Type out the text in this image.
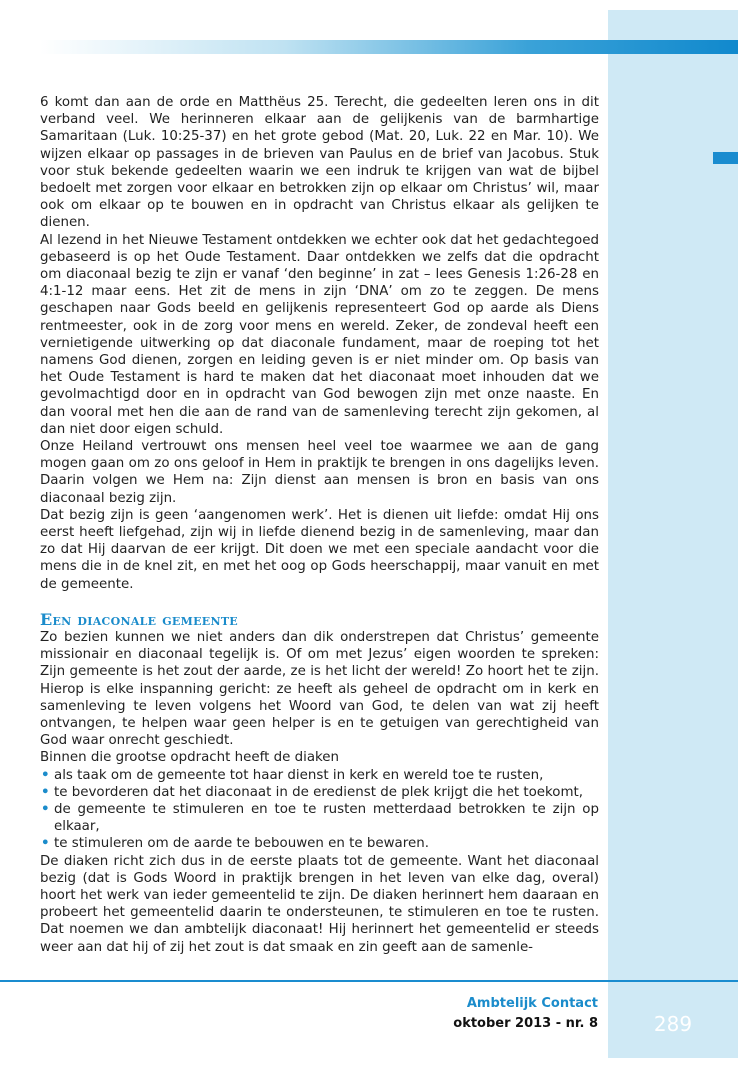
6 komt dan aan de orde en Matthëus 25. Terecht, die gedeelten leren ons in dit verband veel. We herinneren elkaar aan de gelijkenis van de barmhartige Samaritaan (Luk. 10:25-37) en het grote gebod (Mat. 20, Luk. 22 en Mar. 10). We wijzen elkaar op passages in de brieven van Paulus en de brief van Jacobus. Stuk voor stuk bekende gedeelten waarin we een indruk te krijgen van wat de bijbel bedoelt met zorgen voor elkaar en betrokken zijn op elkaar om Christus’ wil, maar ook om elkaar op te bouwen en in opdracht van Christus elkaar als gelijken te dienen.

Al lezend in het Nieuwe Testament ontdekken we echter ook dat het gedachtegoed gebaseerd is op het Oude Testament. Daar ontdekken we zelfs dat die opdracht om diaconaal bezig te zijn er vanaf ‘den beginne’ in zat – lees Genesis 1:26-28 en 4:1-12 maar eens. Het zit de mens in zijn ‘DNA’ om zo te zeggen. De mens geschapen naar Gods beeld en gelijkenis representeert God op aarde als Diens rentmeester, ook in de zorg voor mens en wereld. Zeker, de zondeval heeft een vernietigende uitwerking op dat diaconale fundament, maar de roeping tot het namens God dienen, zorgen en leiding geven is er niet minder om. Op basis van het Oude Testament is hard te maken dat het diaconaat moet inhouden dat we gevolmachtigd door en in opdracht van God bewogen zijn met onze naaste. En dan vooral met hen die aan de rand van de samenleving terecht zijn gekomen, al dan niet door eigen schuld.

Onze Heiland vertrouwt ons mensen heel veel toe waarmee we aan de gang mogen gaan om zo ons geloof in Hem in praktijk te brengen in ons dagelijks leven. Daarin volgen we Hem na: Zijn dienst aan mensen is bron en basis van ons diaconaal bezig zijn.

Dat bezig zijn is geen ‘aangenomen werk’. Het is dienen uit liefde: omdat Hij ons eerst heeft liefgehad, zijn wij in liefde dienend bezig in de samenleving, maar dan zo dat Hij daarvan de eer krijgt. Dit doen we met een speciale aandacht voor die mens die in de knel zit, en met het oog op Gods heerschappij, maar vanuit en met de gemeente.

Een diaconale gemeente

Zo bezien kunnen we niet anders dan dik onderstrepen dat Christus’ gemeente missionair en diaconaal tegelijk is. Of om met Jezus’ eigen woorden te spreken: Zijn gemeente is het zout der aarde, ze is het licht der wereld! Zo hoort het te zijn. Hierop is elke inspanning gericht: ze heeft als geheel de opdracht om in kerk en samenleving te leven volgens het Woord van God, te delen van wat zij heeft ontvangen, te helpen waar geen helper is en te getuigen van gerechtigheid van God waar onrecht geschiedt.

Binnen die grootse opdracht heeft de diaken

• als taak om de gemeente tot haar dienst in kerk en wereld toe te rusten,
• te bevorderen dat het diaconaat in de eredienst de plek krijgt die het toekomt,
• de gemeente te stimuleren en toe te rusten metterdaad betrokken te zijn op elkaar,
• te stimuleren om de aarde te bebouwen en te bewaren.

De diaken richt zich dus in de eerste plaats tot de gemeente. Want het diaconaal bezig (dat is Gods Woord in praktijk brengen in het leven van elke dag, overal) hoort het werk van ieder gemeentelid te zijn. De diaken herinnert hem daaraan en probeert het gemeentelid daarin te ondersteunen, te stimuleren en toe te rusten. Dat noemen we dan ambtelijk diaconaat! Hij herinnert het gemeentelid er steeds weer aan dat hij of zij het zout is dat smaak en zin geeft aan de samenle-

Ambtelijk Contact
oktober 2013 - nr. 8	289
